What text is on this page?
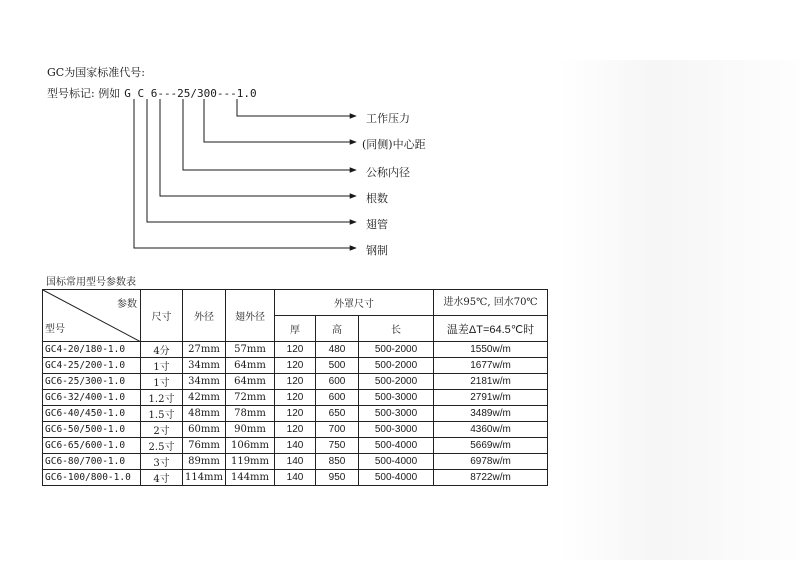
GC为国家标准代号:
型号标记: 例如 G C 6---25/300---1.0
工作压力
(同侧)中心距
公称内径
根数
翅管
钢制
国标常用型号参数表
参数
型号	尺寸	外径	翅外径	外罩尺寸			进水95℃, 回水70℃
				厚	高	长	温差ΔT=64.5℃时
GC4-20/180-1.0	4分	27mm	57mm	120	480	500-2000	1550w/m
GC4-25/200-1.0	1寸	34mm	64mm	120	500	500-2000	1677w/m
GC6-25/300-1.0	1寸	34mm	64mm	120	600	500-2000	2181w/m
GC6-32/400-1.0	1.2寸	42mm	72mm	120	600	500-3000	2791w/m
GC6-40/450-1.0	1.5寸	48mm	78mm	120	650	500-3000	3489w/m
GC6-50/500-1.0	2寸	60mm	90mm	120	700	500-3000	4360w/m
GC6-65/600-1.0	2.5寸	76mm	106mm	140	750	500-4000	5669w/m
GC6-80/700-1.0	3寸	89mm	119mm	140	850	500-4000	6978w/m
GC6-100/800-1.0	4寸	114mm	144mm	140	950	500-4000	8722w/m
